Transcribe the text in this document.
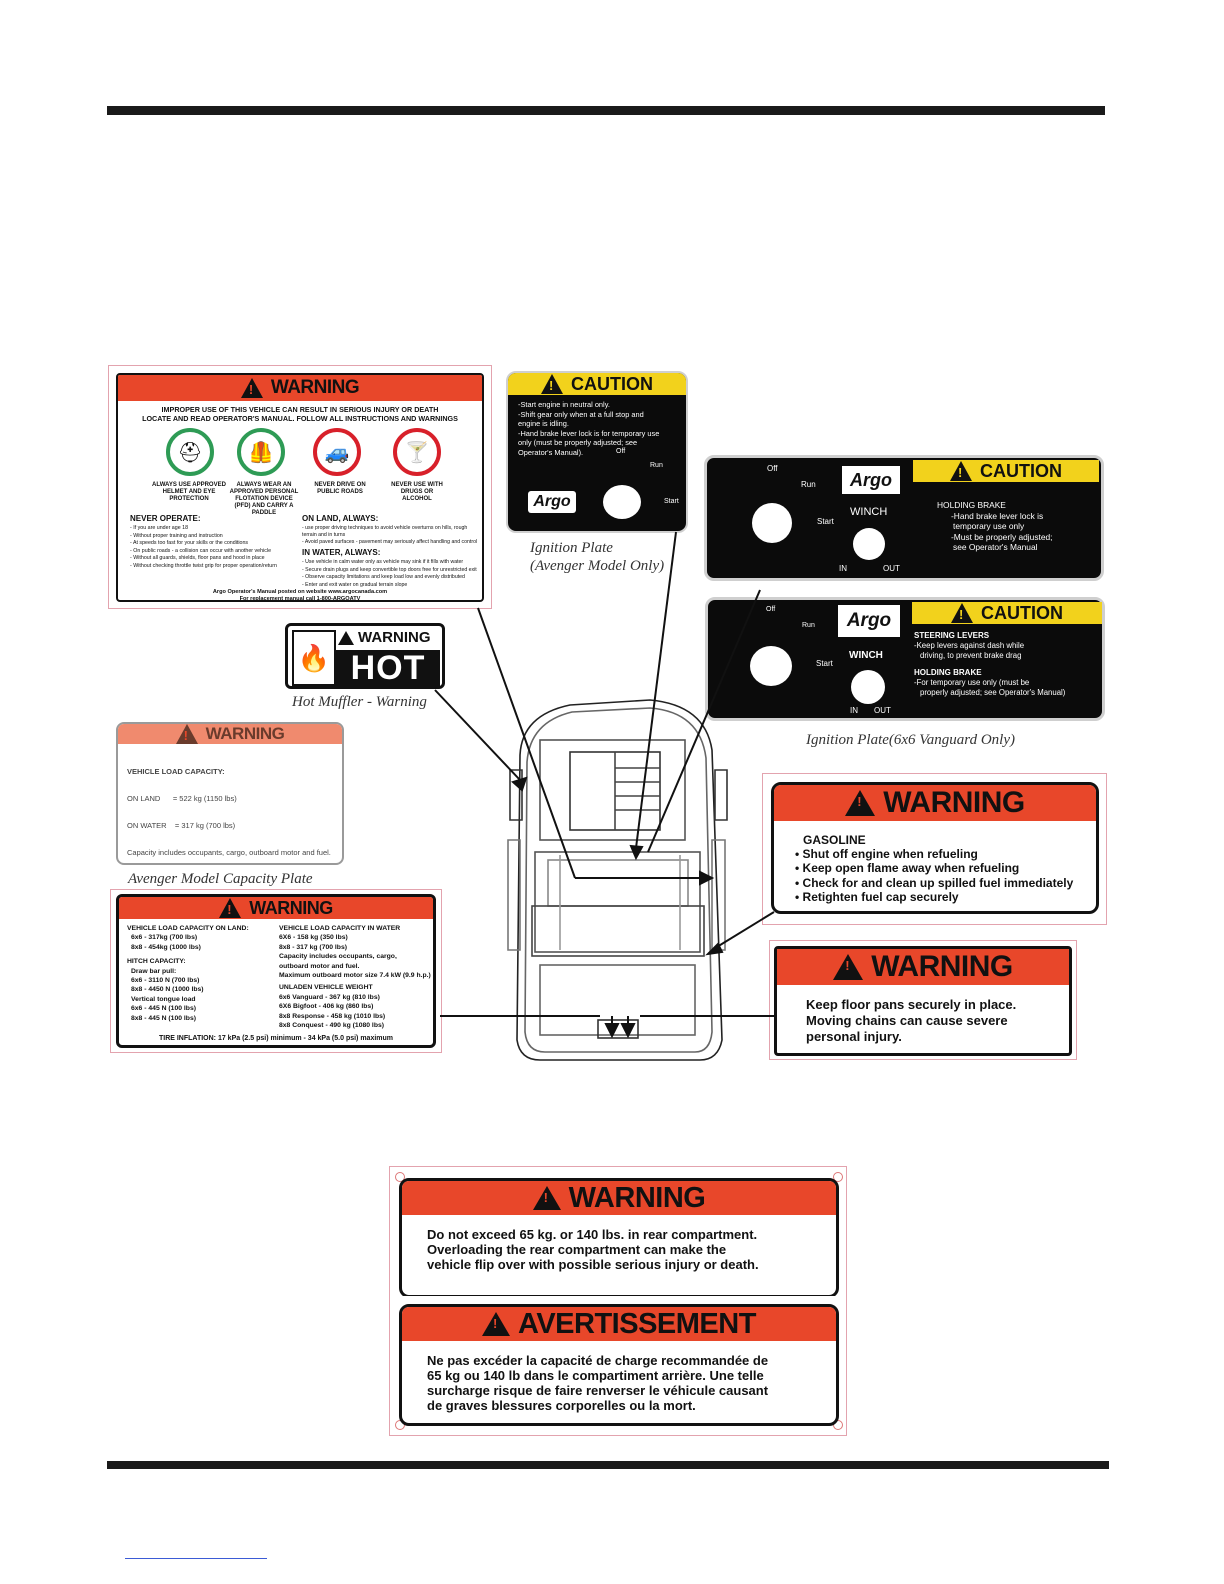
!
WARNING
IMPROPER USE OF THIS VEHICLE CAN RESULT IN SERIOUS INJURY OR DEATH
LOCATE AND READ OPERATOR'S MANUAL. FOLLOW ALL INSTRUCTIONS AND WARNINGS
⛑	🦺	🚙	🍸
ALWAYS USE APPROVED HELMET AND EYE PROTECTION
ALWAYS WEAR AN APPROVED PERSONAL FLOTATION DEVICE (PFD) AND CARRY A PADDLE
NEVER DRIVE ON PUBLIC ROADS
NEVER USE WITH DRUGS OR ALCOHOL
NEVER OPERATE:
- If you are under age 18
- Without proper training and instruction
- At speeds too fast for your skills or the conditions
- On public roads - a collision can occur with another vehicle
- Without all guards, shields, floor pans and hood in place
- Without checking throttle twist grip for proper operation/return
ON LAND, ALWAYS:
- use proper driving techniques to avoid vehicle overturns on hills, rough terrain and in turns
- Avoid paved surfaces - pavement may seriously affect handling and control
IN WATER, ALWAYS:
- Use vehicle in calm water only as vehicle may sink if it fills with water
- Secure drain plugs and keep convertible top doors free for unrestricted exit
- Observe capacity limitations and keep load low and evenly distributed
- Enter and exit water on gradual terrain slope
Argo Operator's Manual posted on website www.argocanada.com
For replacement manual call 1-800-ARGOATV
!
CAUTION
-Start engine in neutral only.
-Shift gear only when at a full stop and
engine is idling.
-Hand brake lever lock is for temporary use
only (must be properly adjusted; see
Operator's Manual).	Off
Run
Start
Argo
Ignition Plate
(Avenger Model Only)
Off
Run
Start
Argo
WINCH
IN	OUT
!
CAUTION
HOLDING BRAKE
-Hand brake lever lock is
temporary use only
-Must be properly adjusted;
see Operator's Manual
Off
Run
Start
Argo
WINCH
IN OUT
!
CAUTION
STEERING LEVERS
-Keep levers against dash while
driving, to prevent brake drag
HOLDING BRAKE
-For temporary use only (must be
properly adjusted; see Operator's Manual)
Ignition Plate(6x6 Vanguard Only)
🔥
WARNING
HOT
Hot Muffler - Warning
!
WARNING

VEHICLE LOAD CAPACITY:

ON LAND      = 522 kg (1150 lbs)

ON WATER    = 317 kg (700 lbs)

Capacity includes occupants, cargo, outboard motor and fuel.

Avenger Model Capacity Plate
!
WARNING
VEHICLE LOAD CAPACITY ON LAND:
6x6 - 317kg (700 lbs)
8x8 - 454kg (1000 lbs)
HITCH CAPACITY:
Draw bar pull:
6x6 - 3110 N (700 lbs)
8x8 - 4450 N (1000 lbs)
Vertical tongue load
6x6 - 445 N (100 lbs)
8x8 - 445 N (100 lbs)
VEHICLE LOAD CAPACITY IN WATER
6X6 - 158 kg (350 lbs)
8x8 - 317 kg (700 lbs)
Capacity includes occupants, cargo,
outboard motor and fuel.
Maximum outboard motor size 7.4 kW (9.9 h.p.)
UNLADEN VEHICLE WEIGHT
6x6 Vanguard - 367 kg (810 lbs)
6X6 Bigfoot - 406 kg (860 lbs)
8x8 Response - 458 kg (1010 lbs)
8x8 Conquest - 490 kg (1080 lbs)
TIRE INFLATION: 17 kPa (2.5 psi) minimum - 34 kPa (5.0 psi) maximum
!
WARNING
GASOLINE
• Shut off engine when refueling
• Keep open flame away when refueling
• Check for and clean up spilled fuel immediately
• Retighten fuel cap securely
!
WARNING
Keep floor pans securely in place.
Moving chains can cause severe
personal injury.
!
WARNING
Do not exceed 65 kg. or 140 lbs. in rear compartment.
Overloading the rear compartment can make the
vehicle flip over with possible serious injury or death.
!
AVERTISSEMENT
Ne pas excéder la capacité de charge recommandée de
65 kg ou 140 lb dans le compartiment arrière. Une telle
surcharge risque de faire renverser le véhicule causant
de graves blessures corporelles ou la mort.
